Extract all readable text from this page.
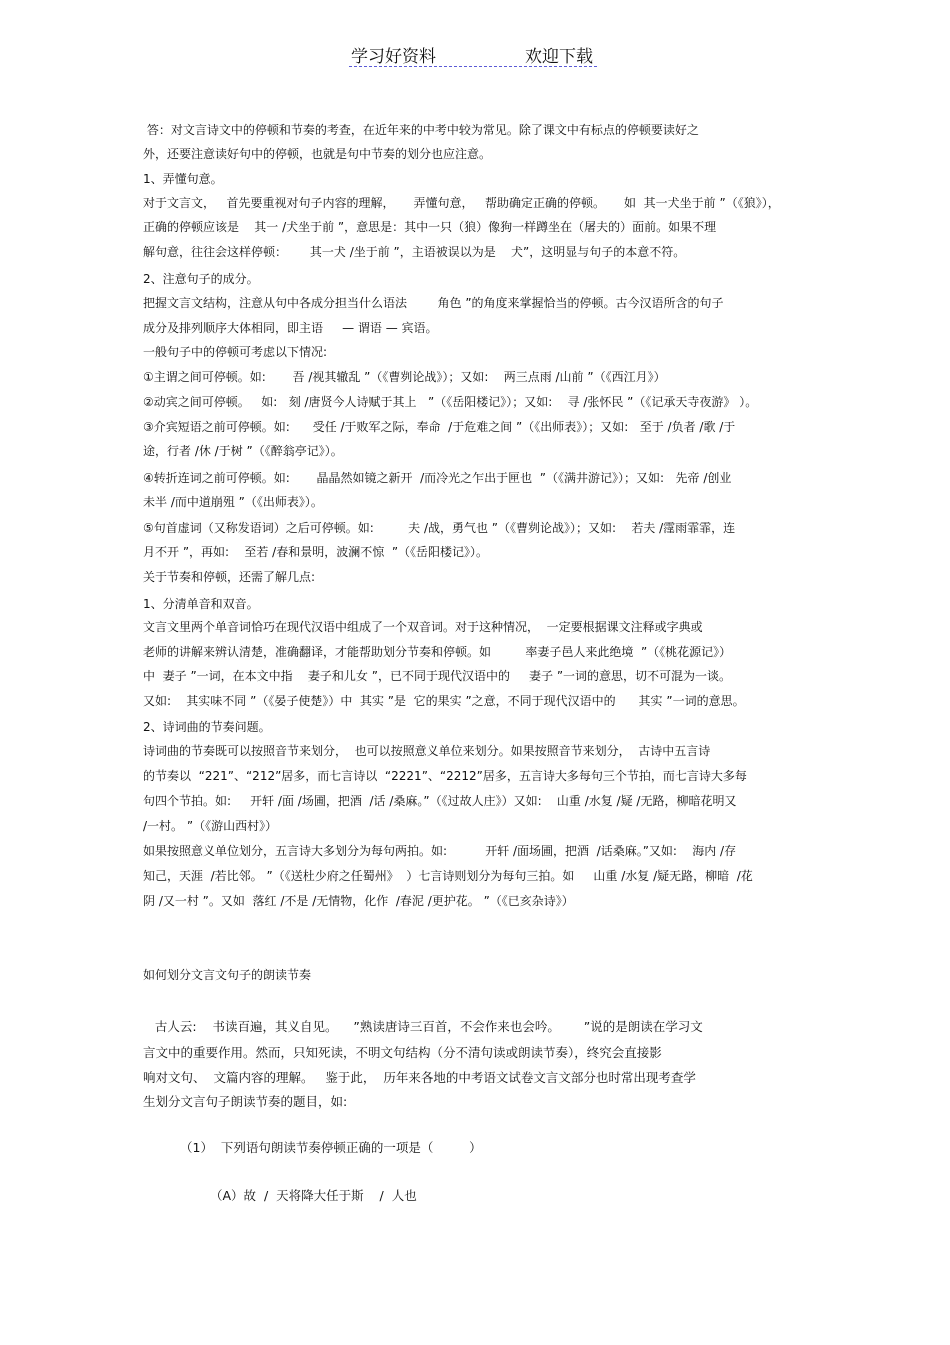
学习好资料	欢迎下载
答：对文言诗文中的停顿和节奏的考查，在近年来的中考中较为常见。除了课文中有标点的停顿要读好之
外，还要注意读好句中的停顿，也就是句中节奏的划分也应注意。
1、弄懂句意。
对于文言文，   首先要重视对句子内容的理解，     弄懂句意，   帮助确定正确的停顿。     如  其一犬坐于前 ”（《狼》），
正确的停顿应该是    其一 /犬坐于前 ”，意思是：其中一只（狼）像狗一样蹲坐在（屠夫的）面前。如果不理
解句意，往往会这样停顿：      其一犬 /坐于前 ”，主语被误以为是    犬”，这明显与句子的本意不符。
2、注意句子的成分。
把握文言文结构，注意从句中各成分担当什么语法        角色 ”的角度来掌握恰当的停顿。古今汉语所含的句子
成分及排列顺序大体相同，即主语     — 谓语 — 宾语。
一般句子中的停顿可考虑以下情况:
①主谓之间可停顿。如:       吾 /视其辙乱 ”（《曹刿论战》）；又如:    两三点雨 /山前 ”（《西江月》）
②动宾之间可停顿。   如:   刻 /唐贤今人诗赋于其上   ”（《岳阳楼记》）；又如:    寻 /张怀民 ”（《记承天寺夜游》 ）。
③介宾短语之前可停顿。如:      受任 /于败军之际，奉命  /于危难之间 ”（《出师表》）；又如:   至于 /负者 /歌 /于
途，行者 /休 /于树 ”（《醉翁亭记》）。
④转折连词之前可停顿。如:       晶晶然如镜之新开  /而冷光之乍出于匣也  ”（《满井游记》）；又如:   先帝 /创业
未半 /而中道崩殂 ”（《出师表》）。
⑤句首虚词（又称发语词）之后可停顿。如:         夫 /战，勇气也 ”（《曹刿论战》）；又如:    若夫 /霪雨霏霏，连
月不开 ”，再如:    至若 /春和景明，波澜不惊  ”（《岳阳楼记》）。
关于节奏和停顿，还需了解几点:
1、分清单音和双音。
文言文里两个单音词恰巧在现代汉语中组成了一个双音词。对于这种情况，  一定要根据课文注释或字典或
老师的讲解来辨认清楚，准确翻译，才能帮助划分节奏和停顿。如         率妻子邑人来此绝境  ”（《桃花源记》）
中  妻子 ”一词，在本文中指    妻子和儿女 ”，已不同于现代汉语中的     妻子 ”一词的意思，切不可混为一谈。
又如:    其实味不同 ”（《晏子使楚》）中  其实 ”是  它的果实 ”之意，不同于现代汉语中的      其实 ”一词的意思。
2、诗词曲的节奏问题。
诗词曲的节奏既可以按照音节来划分，  也可以按照意义单位来划分。如果按照音节来划分，  古诗中五言诗
的节奏以  “221”、“212”居多，而七言诗以  “2221”、“2212”居多，五言诗大多每句三个节拍，而七言诗大多每
句四个节拍。如:     开轩 /面 /场圃，把酒  /话 /桑麻。”（《过故人庄》）又如:    山重 /水复 /疑 /无路，柳暗花明又
/一村。 ”（《游山西村》）
如果按照意义单位划分，五言诗大多划分为每句两拍。如:          开轩 /面场圃，把酒  /话桑麻。”又如:    海内 /存
知己，天涯  /若比邻。 ”（《送杜少府之任蜀州》  ）七言诗则划分为每句三拍。如     山重 /水复 /疑无路，柳暗  /花
阴 /又一村 ”。又如  落红 /不是 /无情物，化作  /春泥 /更护花。 ”（《已亥杂诗》）
如何划分文言文句子的朗读节奏
古人云:    书读百遍，其义自见。    ”熟读唐诗三百首，不会作来也会吟。      ”说的是朗读在学习文
言文中的重要作用。然而，只知死读，不明文句结构（分不清句读或朗读节奏），终究会直接影
响对文句、  文篇内容的理解。   鉴于此，  历年来各地的中考语文试卷文言文部分也时常出现考查学
生划分文言句子朗读节奏的题目，如:
（1）  下列语句朗读节奏停顿正确的一项是（         ）
（A）故  /  天将降大任于斯    /  人也
